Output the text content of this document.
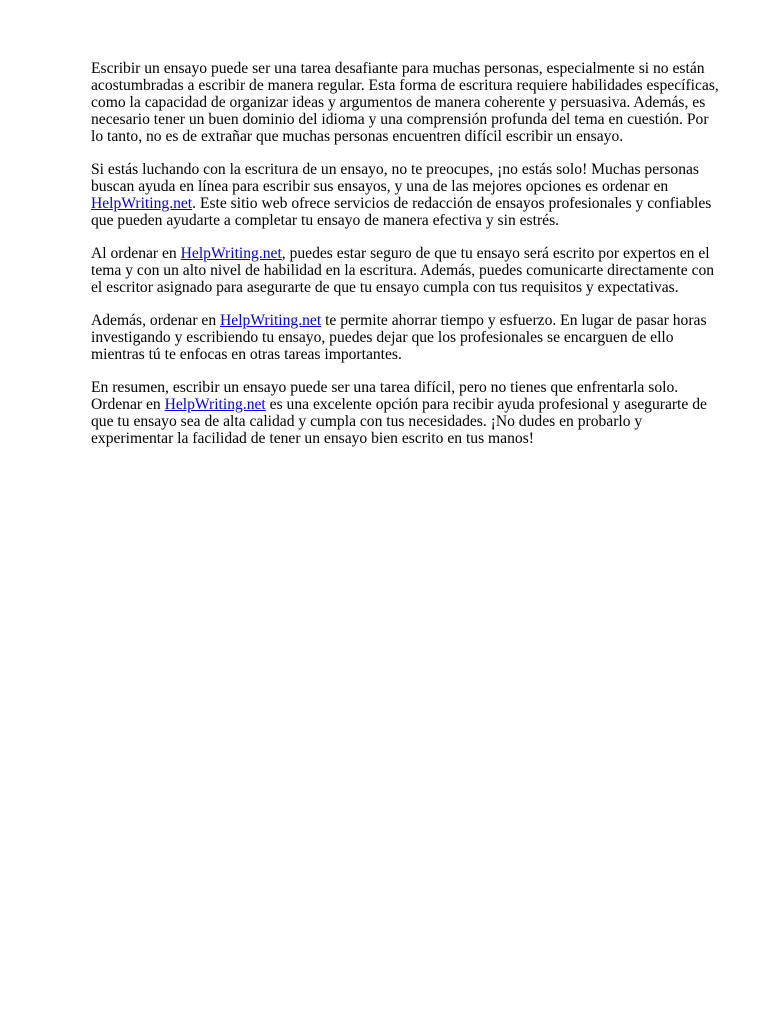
Escribir un ensayo puede ser una tarea desafiante para muchas personas, especialmente si no están acostumbradas a escribir de manera regular. Esta forma de escritura requiere habilidades específicas, como la capacidad de organizar ideas y argumentos de manera coherente y persuasiva. Además, es necesario tener un buen dominio del idioma y una comprensión profunda del tema en cuestión. Por lo tanto, no es de extrañar que muchas personas encuentren difícil escribir un ensayo.

Si estás luchando con la escritura de un ensayo, no te preocupes, ¡no estás solo! Muchas personas buscan ayuda en línea para escribir sus ensayos, y una de las mejores opciones es ordenar en HelpWriting.net. Este sitio web ofrece servicios de redacción de ensayos profesionales y confiables que pueden ayudarte a completar tu ensayo de manera efectiva y sin estrés.

Al ordenar en HelpWriting.net, puedes estar seguro de que tu ensayo será escrito por expertos en el tema y con un alto nivel de habilidad en la escritura. Además, puedes comunicarte directamente con el escritor asignado para asegurarte de que tu ensayo cumpla con tus requisitos y expectativas.

Además, ordenar en HelpWriting.net te permite ahorrar tiempo y esfuerzo. En lugar de pasar horas investigando y escribiendo tu ensayo, puedes dejar que los profesionales se encarguen de ello mientras tú te enfocas en otras tareas importantes.

En resumen, escribir un ensayo puede ser una tarea difícil, pero no tienes que enfrentarla solo. Ordenar en HelpWriting.net es una excelente opción para recibir ayuda profesional y asegurarte de que tu ensayo sea de alta calidad y cumpla con tus necesidades. ¡No dudes en probarlo y experimentar la facilidad de tener un ensayo bien escrito en tus manos!
